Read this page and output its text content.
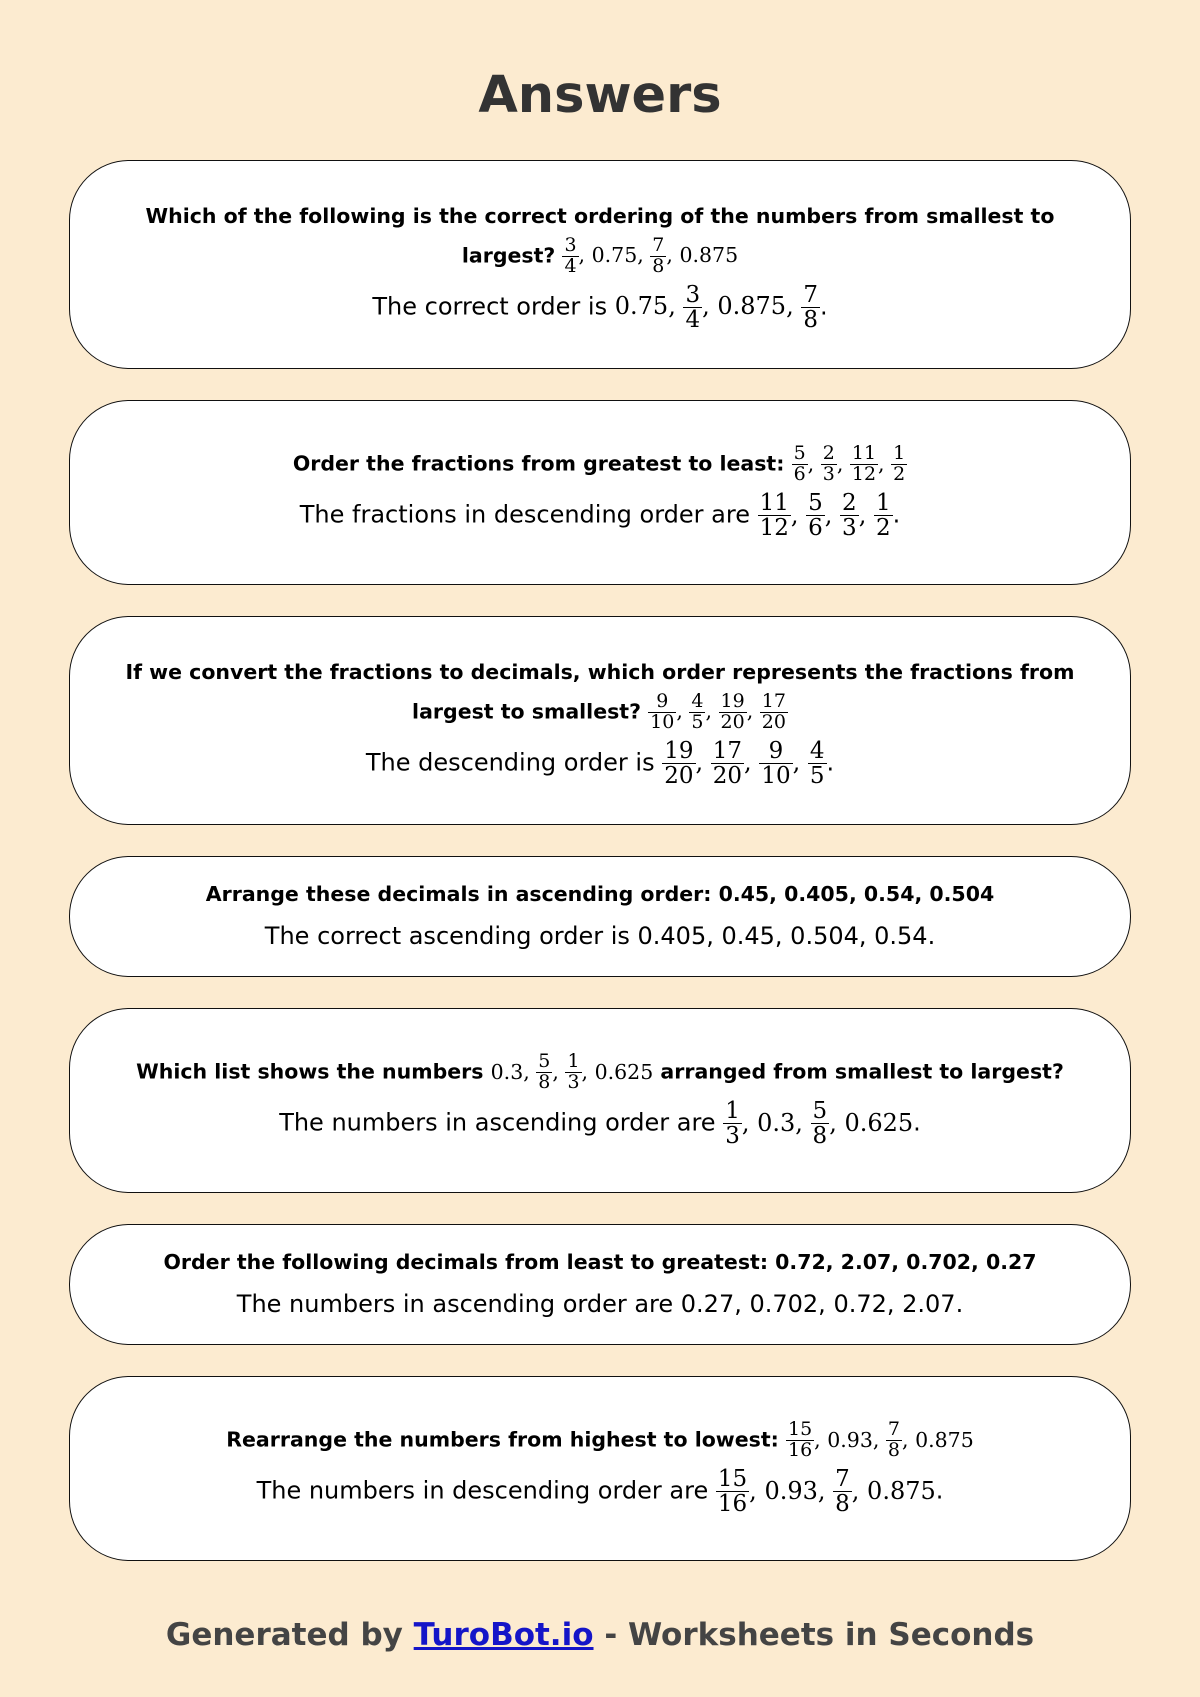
Answers
Which of the following is the correct ordering of the numbers from smallest to largest? $\frac{3}{4}$ , 0.75, $\frac{7}{8}$ , 0.875
The correct order is 0.75, $\frac{3}{4}$ , 0.875, $\frac{7}{8}$ .
Order the fractions from greatest to least: $\frac{5}{6}$ , $\frac{2}{3}$ , $\frac{11}{12}$ , $\frac{1}{2}$
The fractions in descending order are $\frac{11}{12}$ , $\frac{5}{6}$ , $\frac{2}{3}$ , $\frac{1}{2}$ .
If we convert the fractions to decimals, which order represents the fractions from largest to smallest? $\frac{9}{10}$ , $\frac{4}{5}$ , $\frac{19}{20}$ , $\frac{17}{20}$
The descending order is $\frac{19}{20}$ , $\frac{17}{20}$ , $\frac{9}{10}$ , $\frac{4}{5}$ .
Arrange these decimals in ascending order: 0.45, 0.405, 0.54, 0.504
The correct ascending order is 0.405, 0.45, 0.504, 0.54.
Which list shows the numbers 0.3, $\frac{5}{8}$ , $\frac{1}{3}$ , 0.625 arranged from smallest to largest?
The numbers in ascending order are $\frac{1}{3}$ , 0.3, $\frac{5}{8}$ , 0.625.
Order the following decimals from least to greatest: 0.72, 2.07, 0.702, 0.27
The numbers in ascending order are 0.27, 0.702, 0.72, 2.07.
Rearrange the numbers from highest to lowest: $\frac{15}{16}$ , 0.93, $\frac{7}{8}$ , 0.875
The numbers in descending order are $\frac{15}{16}$ , 0.93, $\frac{7}{8}$ , 0.875.
Generated by TuroBot.io - Worksheets in Seconds
